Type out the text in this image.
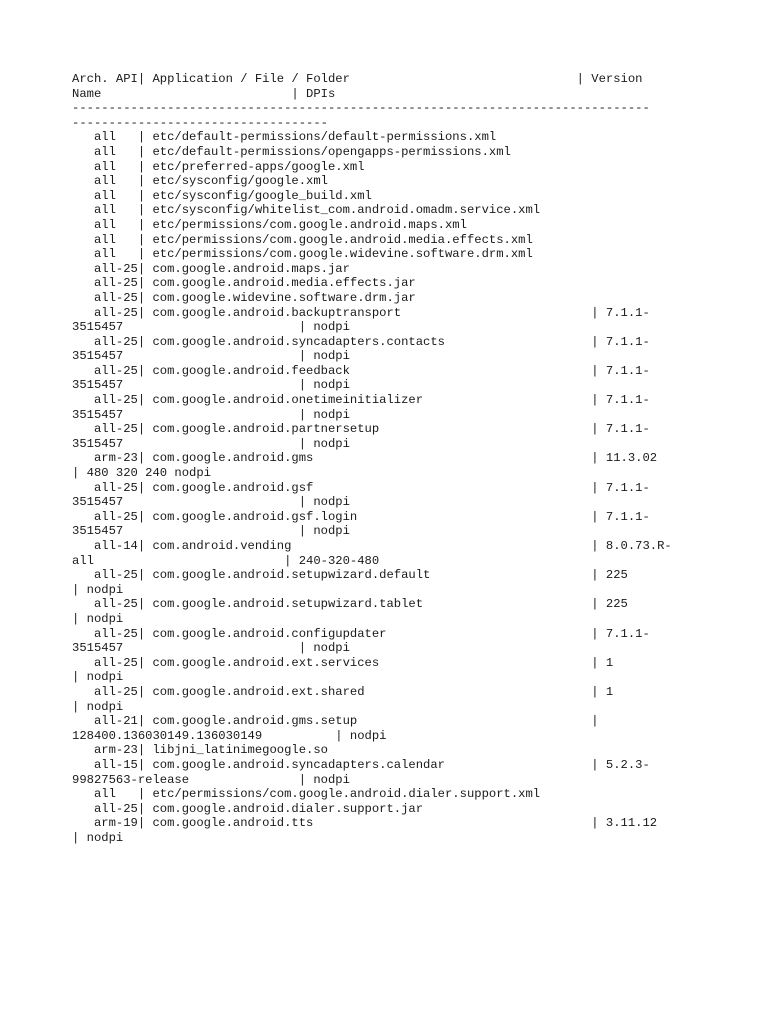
Arch. API| Application / File / Folder                               | Version
Name                          | DPIs
-------------------------------------------------------------------------------
-----------------------------------
all   | etc/default-permissions/default-permissions.xml
all   | etc/default-permissions/opengapps-permissions.xml
all   | etc/preferred-apps/google.xml
all   | etc/sysconfig/google.xml
all   | etc/sysconfig/google_build.xml
all   | etc/sysconfig/whitelist_com.android.omadm.service.xml
all   | etc/permissions/com.google.android.maps.xml
all   | etc/permissions/com.google.android.media.effects.xml
all   | etc/permissions/com.google.widevine.software.drm.xml
all-25| com.google.android.maps.jar
all-25| com.google.android.media.effects.jar
all-25| com.google.widevine.software.drm.jar
all-25| com.google.android.backuptransport                          | 7.1.1-
3515457                        | nodpi
all-25| com.google.android.syncadapters.contacts                    | 7.1.1-
3515457                        | nodpi
all-25| com.google.android.feedback                                 | 7.1.1-
3515457                        | nodpi
all-25| com.google.android.onetimeinitializer                       | 7.1.1-
3515457                        | nodpi
all-25| com.google.android.partnersetup                             | 7.1.1-
3515457                        | nodpi
arm-23| com.google.android.gms                                      | 11.3.02
| 480 320 240 nodpi
all-25| com.google.android.gsf                                      | 7.1.1-
3515457                        | nodpi
all-25| com.google.android.gsf.login                                | 7.1.1-
3515457                        | nodpi
all-14| com.android.vending                                         | 8.0.73.R-
all                          | 240-320-480
all-25| com.google.android.setupwizard.default                      | 225
| nodpi
all-25| com.google.android.setupwizard.tablet                       | 225
| nodpi
all-25| com.google.android.configupdater                            | 7.1.1-
3515457                        | nodpi
all-25| com.google.android.ext.services                             | 1
| nodpi
all-25| com.google.android.ext.shared                               | 1
| nodpi
all-21| com.google.android.gms.setup                                |
128400.136030149.136030149          | nodpi
arm-23| libjni_latinimegoogle.so
all-15| com.google.android.syncadapters.calendar                    | 5.2.3-
99827563-release               | nodpi
all   | etc/permissions/com.google.android.dialer.support.xml
all-25| com.google.android.dialer.support.jar
arm-19| com.google.android.tts                                      | 3.11.12
| nodpi
